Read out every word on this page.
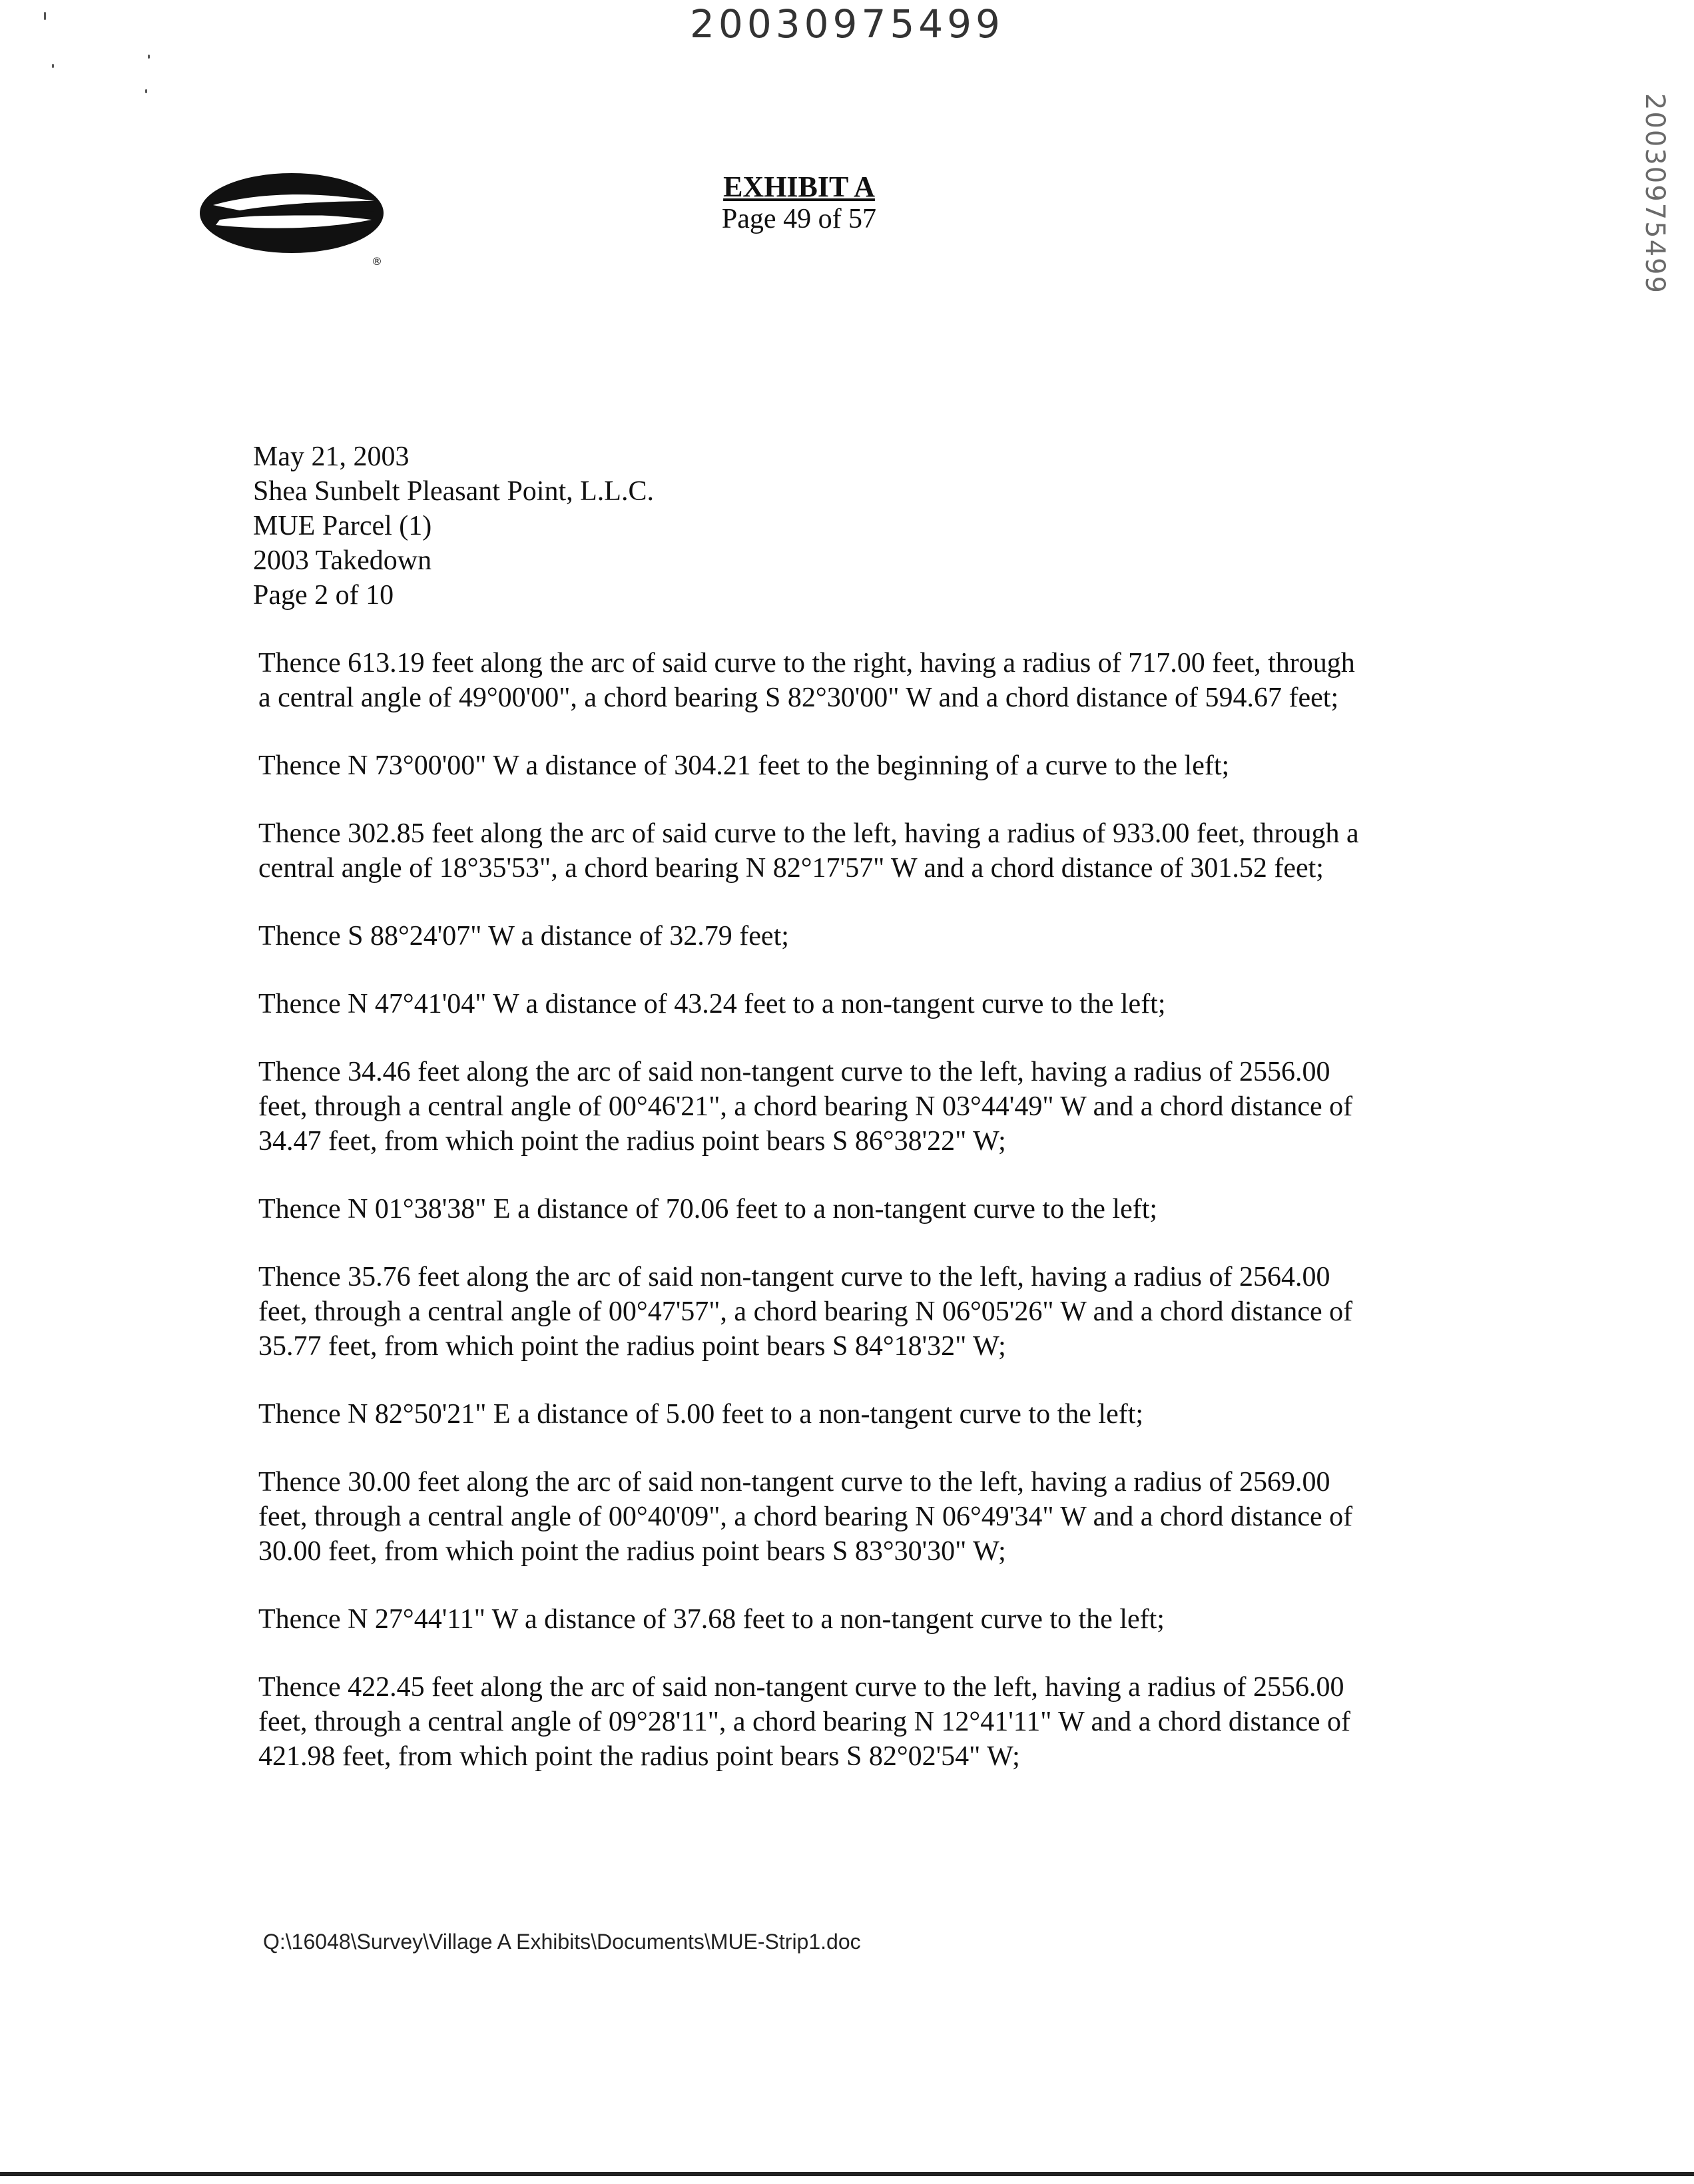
20030975499
20030975499
®
EXHIBIT A
Page 49 of 57
May 21, 2003
Shea Sunbelt Pleasant Point, L.L.C.
MUE Parcel (1)
2003 Takedown
Page 2 of 10

Thence 613.19 feet along the arc of said curve to the right, having a radius of 717.00 feet, through a central angle of 49°00'00", a chord bearing S 82°30'00" W and a chord distance of 594.67 feet;

Thence N 73°00'00" W a distance of 304.21 feet to the beginning of a curve to the left;

Thence 302.85 feet along the arc of said curve to the left, having a radius of 933.00 feet, through a central angle of 18°35'53", a chord bearing N 82°17'57" W and a chord distance of 301.52 feet;

Thence S 88°24'07" W a distance of 32.79 feet;

Thence N 47°41'04" W a distance of 43.24 feet to a non-tangent curve to the left;

Thence 34.46 feet along the arc of said non-tangent curve to the left, having a radius of 2556.00 feet, through a central angle of 00°46'21", a chord bearing N 03°44'49" W and a chord distance of 34.47 feet, from which point the radius point bears S 86°38'22" W;

Thence N 01°38'38" E a distance of 70.06 feet to a non-tangent curve to the left;

Thence 35.76 feet along the arc of said non-tangent curve to the left, having a radius of 2564.00 feet, through a central angle of 00°47'57", a chord bearing N 06°05'26" W and a chord distance of 35.77 feet, from which point the radius point bears S 84°18'32" W;

Thence N 82°50'21" E a distance of 5.00 feet to a non-tangent curve to the left;

Thence 30.00 feet along the arc of said non-tangent curve to the left, having a radius of 2569.00 feet, through a central angle of 00°40'09", a chord bearing N 06°49'34" W and a chord distance of 30.00 feet, from which point the radius point bears S 83°30'30" W;

Thence N 27°44'11" W a distance of 37.68 feet to a non-tangent curve to the left;

Thence 422.45 feet along the arc of said non-tangent curve to the left, having a radius of 2556.00 feet, through a central angle of 09°28'11", a chord bearing N 12°41'11" W and a chord distance of 421.98 feet, from which point the radius point bears S 82°02'54" W;

Q:\16048\Survey\Village A Exhibits\Documents\MUE-Strip1.doc
